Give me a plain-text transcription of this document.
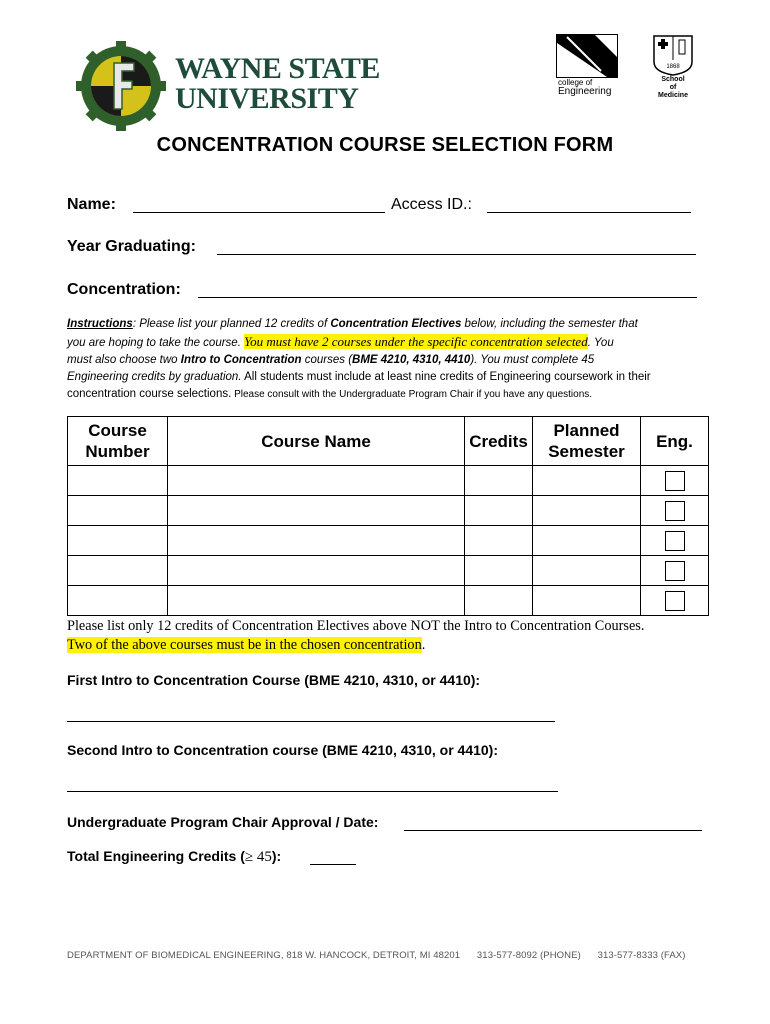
WAYNE STATE
UNIVERSITY	college of
Engineering
1868
School
of
Medicine
CONCENTRATION COURSE SELECTION FORM
Name:	Access ID.:
Year Graduating:
Concentration:
Instructions: Please list your planned 12 credits of Concentration Electives below, including the semester that
you are hoping to take the course. You must have 2 courses under the specific concentration selected. You
must also choose two Intro to Concentration courses (BME 4210, 4310, 4410). You must complete 45
Engineering credits by graduation. All students must include at least nine credits of Engineering coursework in their concentration course selections. Please consult with the Undergraduate Program Chair if you have any questions.
Course Number	Course Name	Credits	Planned Semester	Eng.

Please list only 12 credits of Concentration Electives above NOT the Intro to Concentration Courses.
Two of the above courses must be in the chosen concentration.
First Intro to Concentration Course (BME 4210, 4310, or 4410):
Second Intro to Concentration course (BME 4210, 4310, or 4410):
Undergraduate Program Chair Approval / Date:
Total Engineering Credits (≥ 45):
DEPARTMENT OF BIOMEDICAL ENGINEERING, 818 W. HANCOCK, DETROIT, MI 48201 313-577-8092 (PHONE) 313-577-8333 (FAX)
